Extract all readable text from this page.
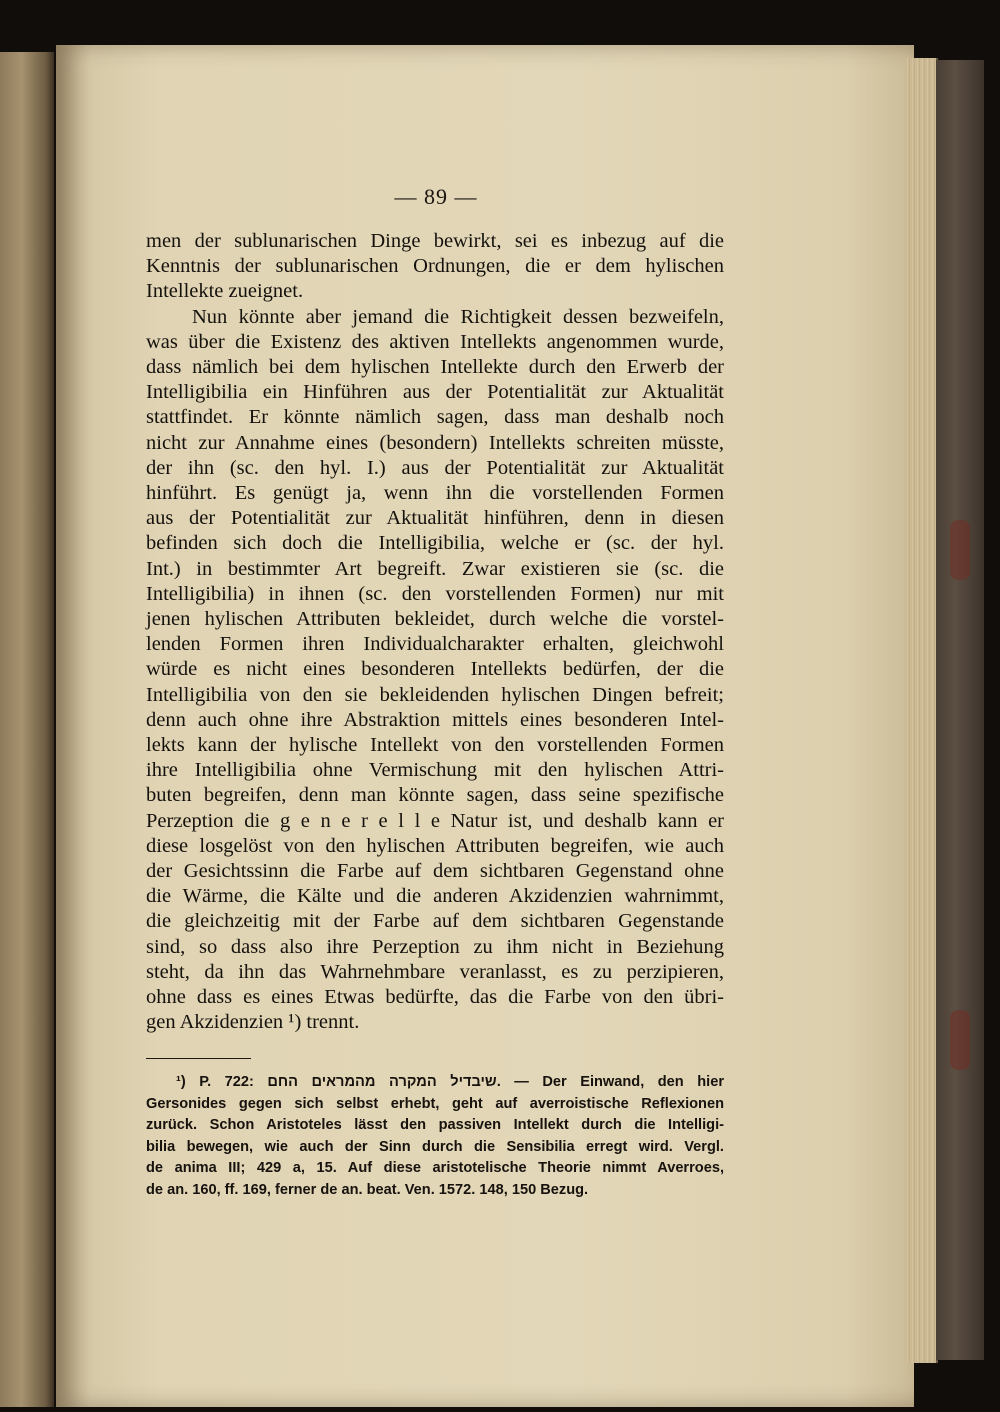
— 89 —
men der sublunarischen Dinge bewirkt, sei es inbezug auf die
Kenntnis der sublunarischen Ordnungen, die er dem hylischen
Intellekte zueignet.
Nun könnte aber jemand die Richtigkeit dessen bezweifeln,
was über die Existenz des aktiven Intellekts angenommen wurde,
dass nämlich bei dem hylischen Intellekte durch den Erwerb der
Intelligibilia ein Hinführen aus der Potentialität zur Aktualität
stattfindet. Er könnte nämlich sagen, dass man deshalb noch
nicht zur Annahme eines (besondern) Intellekts schreiten müsste,
der ihn (sc. den hyl. I.) aus der Potentialität zur Aktualität
hinführt. Es genügt ja, wenn ihn die vorstellenden Formen
aus der Potentialität zur Aktualität hinführen, denn in diesen
befinden sich doch die Intelligibilia, welche er (sc. der hyl.
Int.) in bestimmter Art begreift. Zwar existieren sie (sc. die
Intelligibilia) in ihnen (sc. den vorstellenden Formen) nur mit
jenen hylischen Attributen bekleidet, durch welche die vorstel-
lenden Formen ihren Individualcharakter erhalten, gleichwohl
würde es nicht eines besonderen Intellekts bedürfen, der die
Intelligibilia von den sie bekleidenden hylischen Dingen befreit;
denn auch ohne ihre Abstraktion mittels eines besonderen Intel-
lekts kann der hylische Intellekt von den vorstellenden Formen
ihre Intelligibilia ohne Vermischung mit den hylischen Attri-
buten begreifen, denn man könnte sagen, dass seine spezifische
Perzeption die g e n e r e l l e Natur ist, und deshalb kann er
diese losgelöst von den hylischen Attributen begreifen, wie auch
der Gesichtssinn die Farbe auf dem sichtbaren Gegenstand ohne
die Wärme, die Kälte und die anderen Akzidenzien wahrnimmt,
die gleichzeitig mit der Farbe auf dem sichtbaren Gegenstande
sind, so dass also ihre Perzeption zu ihm nicht in Beziehung
steht, da ihn das Wahrnehmbare veranlasst, es zu perzipieren,
ohne dass es eines Etwas bedürfte, das die Farbe von den übri-
gen Akzidenzien ¹) trennt.
¹) P. 722: שיבדיל המקרה מהמראים החם. — Der Einwand, den hier
Gersonides gegen sich selbst erhebt, geht auf averroistische Reflexionen
zurück. Schon Aristoteles lässt den passiven Intellekt durch die Intelligi-
bilia bewegen, wie auch der Sinn durch die Sensibilia erregt wird. Vergl.
de anima III; 429 a, 15. Auf diese aristotelische Theorie nimmt Averroes,
de an. 160, ff. 169, ferner de an. beat. Ven. 1572. 148, 150 Bezug.
